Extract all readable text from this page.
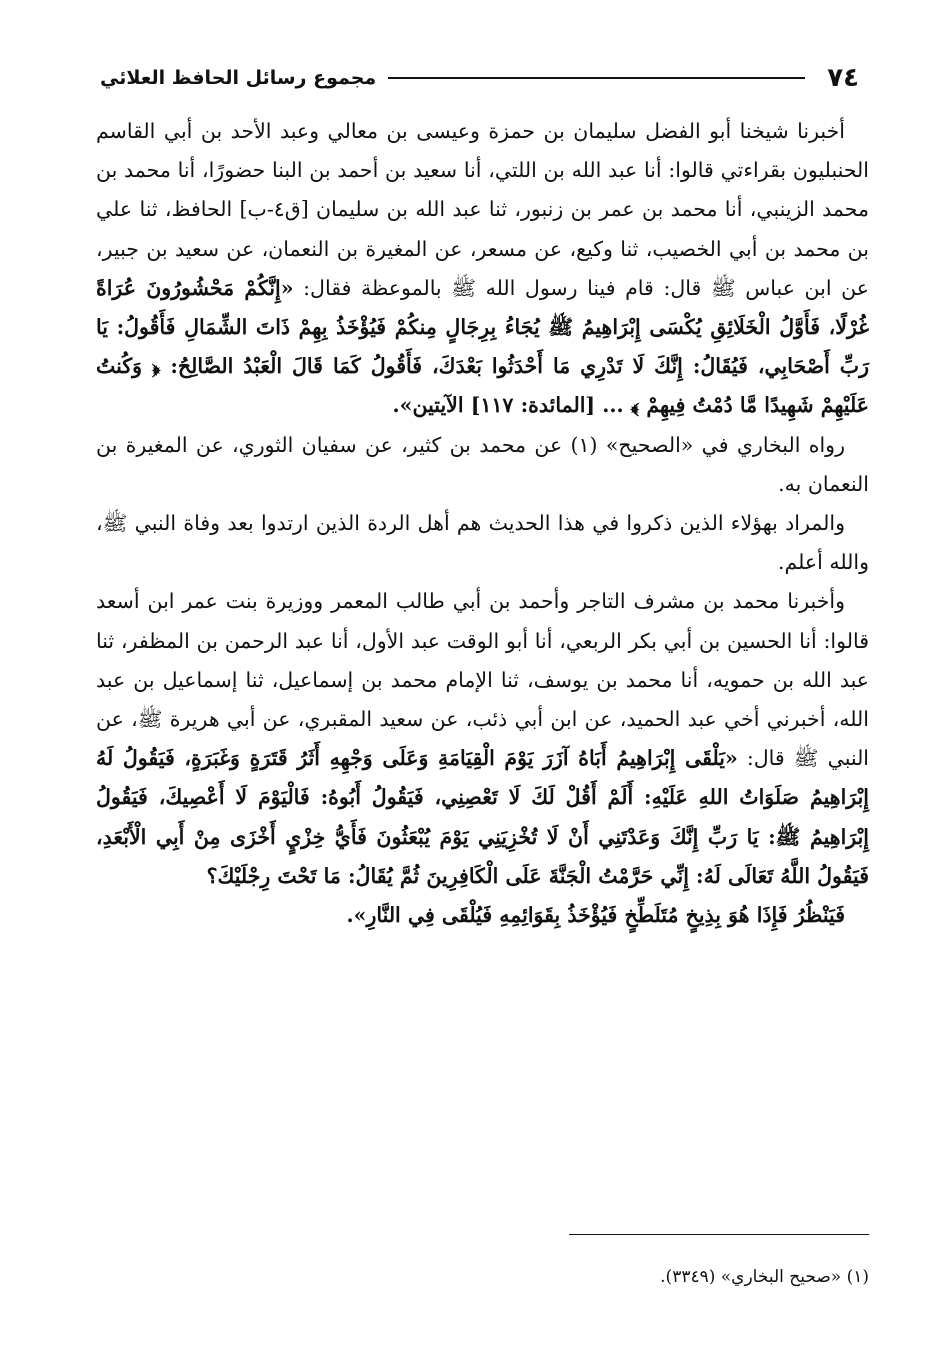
٧٤
مجموع رسائل الحافظ العلائي

أخبرنا شيخنا أبو الفضل سليمان بن حمزة وعيسى بن معالي وعبد الأحد بن أبي القاسم الحنبليون بقراءتي قالوا: أنا عبد الله بن اللتي، أنا سعيد بن أحمد بن البنا حضورًا، أنا محمد بن محمد الزينبي، أنا محمد بن عمر بن زنبور، ثنا عبد الله بن سليمان [ق٤-ب] الحافظ، ثنا علي بن محمد بن أبي الخصيب، ثنا وكيع، عن مسعر، عن المغيرة بن النعمان، عن سعيد بن جبير، عن ابن عباس ﷺ قال: قام فينا رسول الله ﷺ بالموعظة فقال: «إِنَّكُمْ مَحْشُورُونَ عُرَاةً غُرْلًا، فَأَوَّلُ الْخَلَائِقِ يُكْسَى إِبْرَاهِيمُ ﷺ يُجَاءُ بِرِجَالٍ مِنكُمْ فَيُؤْخَذُ بِهِمْ ذَاتَ الشِّمَالِ فَأَقُولُ: يَا رَبِّ أَصْحَابِي، فَيُقَالُ: إِنَّكَ لَا تَدْرِي مَا أَحْدَثُوا بَعْدَكَ، فَأَقُولُ كَمَا قَالَ الْعَبْدُ الصَّالِحُ: ﴿ وَكُنتُ عَلَيْهِمْ شَهِيدًا مَّا دُمْتُ فِيهِمْ ﴾ ... [المائدة: ١١٧] الآيتين».

رواه البخاري في «الصحيح» (١) عن محمد بن كثير، عن سفيان الثوري، عن المغيرة بن النعمان به.

والمراد بهؤلاء الذين ذكروا في هذا الحديث هم أهل الردة الذين ارتدوا بعد وفاة النبي ﷺ، والله أعلم.

وأخبرنا محمد بن مشرف التاجر وأحمد بن أبي طالب المعمر ووزيرة بنت عمر ابن أسعد قالوا: أنا الحسين بن أبي بكر الربعي، أنا أبو الوقت عبد الأول، أنا عبد الرحمن بن المظفر، ثنا عبد الله بن حمويه، أنا محمد بن يوسف، ثنا الإمام محمد بن إسماعيل، ثنا إسماعيل بن عبد الله، أخبرني أخي عبد الحميد، عن ابن أبي ذئب، عن سعيد المقبري، عن أبي هريرة ﷺ، عن النبي ﷺ قال: «يَلْقَى إِبْرَاهِيمُ أَبَاهُ آزَرَ يَوْمَ الْقِيَامَةِ وَعَلَى وَجْهِهِ أَثَرُ قَتَرَةٍ وَغَبَرَةٍ، فَيَقُولُ لَهُ إِبْرَاهِيمُ صَلَوَاتُ اللهِ عَلَيْهِ: أَلَمْ أَقُلْ لَكَ لَا تَعْصِنِي، فَيَقُولُ أَبُوهُ: فَالْيَوْمَ لَا أَعْصِيكَ، فَيَقُولُ إِبْرَاهِيمُ ﷺ: يَا رَبِّ إِنَّكَ وَعَدْتَنِي أَنْ لَا تُخْزِيَنِي يَوْمَ يُبْعَثُونَ فَأَيُّ خِزْيٍ أَخْزَى مِنْ أَبِي الْأَبْعَدِ، فَيَقُولُ اللَّهُ تَعَالَى لَهُ: إِنِّي حَرَّمْتُ الْجَنَّةَ عَلَى الْكَافِرِينَ ثُمَّ يُقَالُ: مَا تَحْتَ رِجْلَيْكَ؟

فَيَنْظُرُ فَإِذَا هُوَ بِذِيخٍ مُتَلَطِّخٍ فَيُؤْخَذُ بِقَوَائِمِهِ فَيُلْقَى فِي النَّارِ».

(١) «صحيح البخاري» (٣٣٤٩).
